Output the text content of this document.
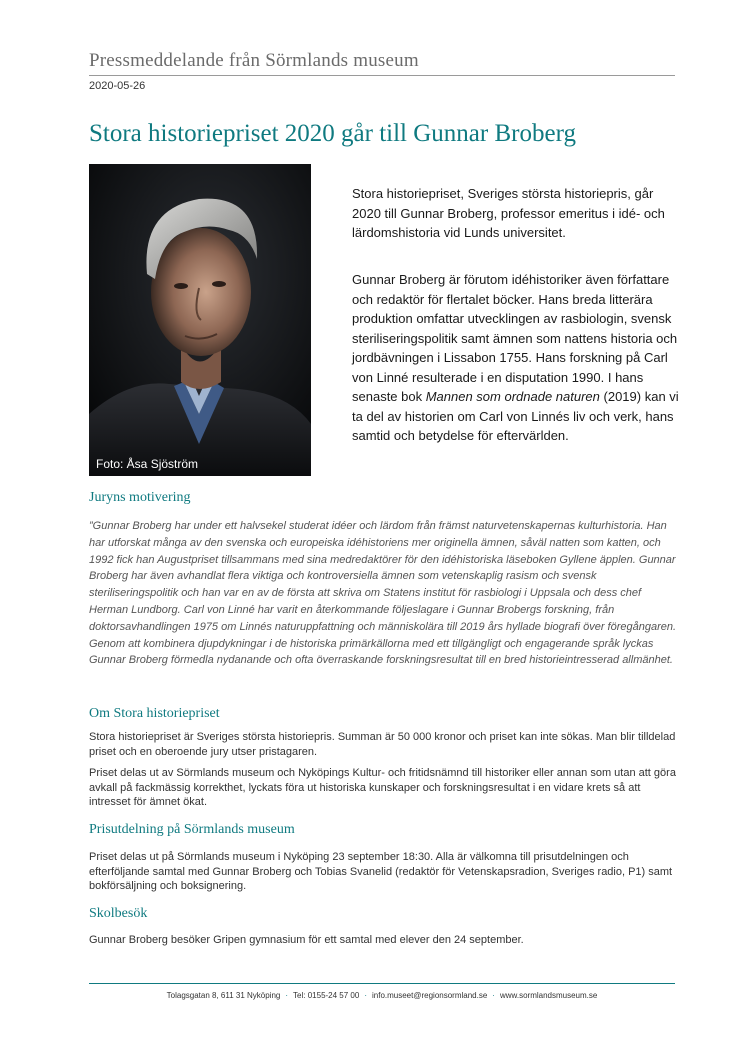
Pressmeddelande från Sörmlands museum
2020-05-26
Stora historiepriset 2020 går till Gunnar Broberg
Foto: Åsa Sjöström

Stora historiepriset, Sveriges största historiepris, går 2020 till Gunnar Broberg, professor emeritus i idé- och lärdomshistoria vid Lunds universitet.

Gunnar Broberg är förutom idéhistoriker även författare och redaktör för flertalet böcker. Hans breda litterära produktion omfattar utvecklingen av rasbiologin, svensk steriliseringspolitik samt ämnen som nattens historia och jordbävningen i Lissabon 1755. Hans forskning på Carl von Linné resulterade i en disputation 1990. I hans senaste bok Mannen som ordnade naturen (2019) kan vi ta del av historien om Carl von Linnés liv och verk, hans samtid och betydelse för eftervärlden.

Juryns motivering

”Gunnar Broberg har under ett halvsekel studerat idéer och lärdom från främst naturvetenskapernas kulturhistoria. Han har utforskat många av den svenska och europeiska idéhistoriens mer originella ämnen, såväl natten som katten, och 1992 fick han Augustpriset tillsammans med sina medredaktörer för den idéhistoriska läseboken Gyllene äpplen. Gunnar Broberg har även avhandlat flera viktiga och kontroversiella ämnen som vetenskaplig rasism och svensk steriliseringspolitik och han var en av de första att skriva om Statens institut för rasbiologi i Uppsala och dess chef Herman Lundborg. Carl von Linné har varit en återkommande följeslagare i Gunnar Brobergs forskning, från doktorsavhandlingen 1975 om Linnés naturuppfattning och människolära till 2019 års hyllade biografi över föregångaren. Genom att kombinera djupdykningar i de historiska primärkällorna med ett tillgängligt och engagerande språk lyckas Gunnar Broberg förmedla nydanande och ofta överraskande forskningsresultat till en bred historieintresserad allmänhet.

Om Stora historiepriset

Stora historiepriset är Sveriges största historiepris. Summan är 50 000 kronor och priset kan inte sökas. Man blir tilldelad priset och en oberoende jury utser pristagaren.

Priset delas ut av Sörmlands museum och Nyköpings Kultur- och fritidsnämnd till historiker eller annan som utan att göra avkall på fackmässig korrekthet, lyckats föra ut historiska kunskaper och forskningsresultat i en vidare krets så att intresset för ämnet ökat.

Prisutdelning på Sörmlands museum

Priset delas ut på Sörmlands museum i Nyköping 23 september 18:30. Alla är välkomna till prisutdelningen och efterföljande samtal med Gunnar Broberg och Tobias Svanelid (redaktör för Vetenskapsradion, Sveriges radio, P1) samt bokförsäljning och boksignering.

Skolbesök

Gunnar Broberg besöker Gripen gymnasium för ett samtal med elever den 24 september.

Tolagsgatan 8, 611 31 Nyköping · Tel: 0155-24 57 00 · info.museet@regionsormland.se · www.sormlandsmuseum.se
